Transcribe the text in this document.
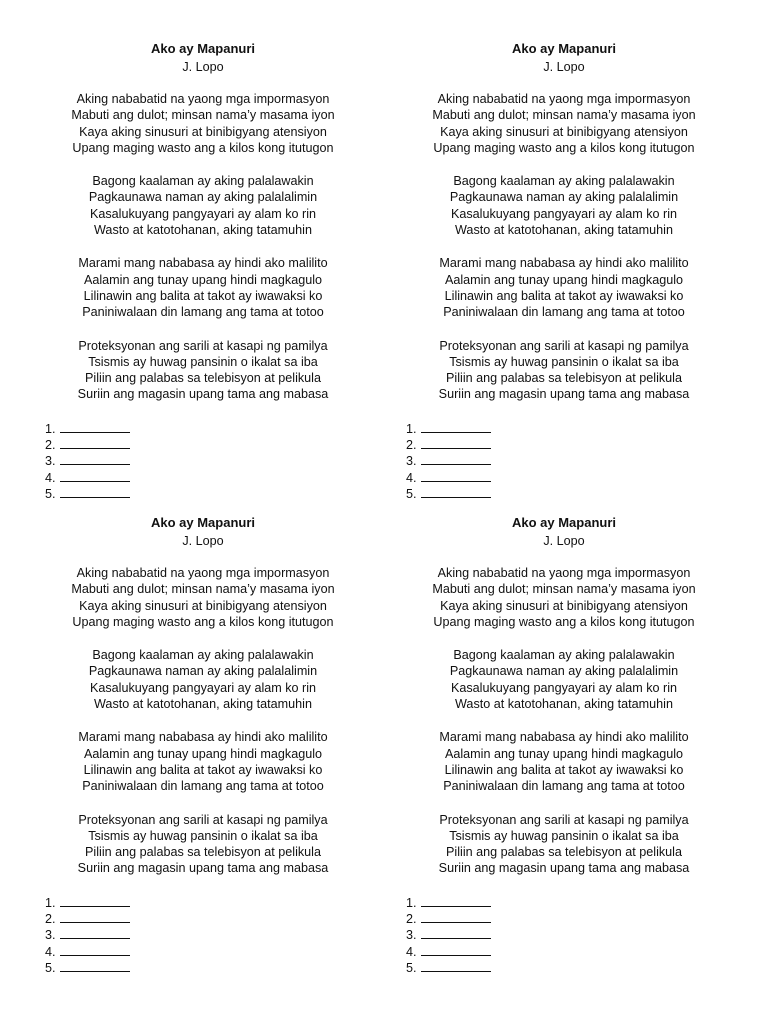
Ako ay Mapanuri
J. Lopo
Aking nababatid na yaong mga impormasyon
Mabuti ang dulot; minsan nama’y masama iyon
Kaya aking sinusuri at binibigyang atensiyon
Upang maging wasto ang a kilos kong itutugon
Bagong kaalaman ay aking palalawakin
Pagkaunawa naman ay aking palalalimin
Kasalukuyang pangyayari ay alam ko rin
Wasto at katotohanan, aking tatamuhin
Marami mang nababasa ay hindi ako malilito
Aalamin ang tunay upang hindi magkagulo
Lilinawin ang balita at takot ay iwawaksi ko
Paniniwalaan din lamang ang tama at totoo
Proteksyonan ang sarili at kasapi ng pamilya
Tsismis ay huwag pansinin o ikalat sa iba
Piliin ang palabas sa telebisyon at pelikula
Suriin ang magasin upang tama ang mabasa
1.
2.
3.
4.
5.
Ako ay Mapanuri
J. Lopo
Aking nababatid na yaong mga impormasyon
Mabuti ang dulot; minsan nama’y masama iyon
Kaya aking sinusuri at binibigyang atensiyon
Upang maging wasto ang a kilos kong itutugon
Bagong kaalaman ay aking palalawakin
Pagkaunawa naman ay aking palalalimin
Kasalukuyang pangyayari ay alam ko rin
Wasto at katotohanan, aking tatamuhin
Marami mang nababasa ay hindi ako malilito
Aalamin ang tunay upang hindi magkagulo
Lilinawin ang balita at takot ay iwawaksi ko
Paniniwalaan din lamang ang tama at totoo
Proteksyonan ang sarili at kasapi ng pamilya
Tsismis ay huwag pansinin o ikalat sa iba
Piliin ang palabas sa telebisyon at pelikula
Suriin ang magasin upang tama ang mabasa
1.
2.
3.
4.
5.
Ako ay Mapanuri
J. Lopo
Aking nababatid na yaong mga impormasyon
Mabuti ang dulot; minsan nama’y masama iyon
Kaya aking sinusuri at binibigyang atensiyon
Upang maging wasto ang a kilos kong itutugon
Bagong kaalaman ay aking palalawakin
Pagkaunawa naman ay aking palalalimin
Kasalukuyang pangyayari ay alam ko rin
Wasto at katotohanan, aking tatamuhin
Marami mang nababasa ay hindi ako malilito
Aalamin ang tunay upang hindi magkagulo
Lilinawin ang balita at takot ay iwawaksi ko
Paniniwalaan din lamang ang tama at totoo
Proteksyonan ang sarili at kasapi ng pamilya
Tsismis ay huwag pansinin o ikalat sa iba
Piliin ang palabas sa telebisyon at pelikula
Suriin ang magasin upang tama ang mabasa
1.
2.
3.
4.
5.
Ako ay Mapanuri
J. Lopo
Aking nababatid na yaong mga impormasyon
Mabuti ang dulot; minsan nama’y masama iyon
Kaya aking sinusuri at binibigyang atensiyon
Upang maging wasto ang a kilos kong itutugon
Bagong kaalaman ay aking palalawakin
Pagkaunawa naman ay aking palalalimin
Kasalukuyang pangyayari ay alam ko rin
Wasto at katotohanan, aking tatamuhin
Marami mang nababasa ay hindi ako malilito
Aalamin ang tunay upang hindi magkagulo
Lilinawin ang balita at takot ay iwawaksi ko
Paniniwalaan din lamang ang tama at totoo
Proteksyonan ang sarili at kasapi ng pamilya
Tsismis ay huwag pansinin o ikalat sa iba
Piliin ang palabas sa telebisyon at pelikula
Suriin ang magasin upang tama ang mabasa
1.
2.
3.
4.
5.
